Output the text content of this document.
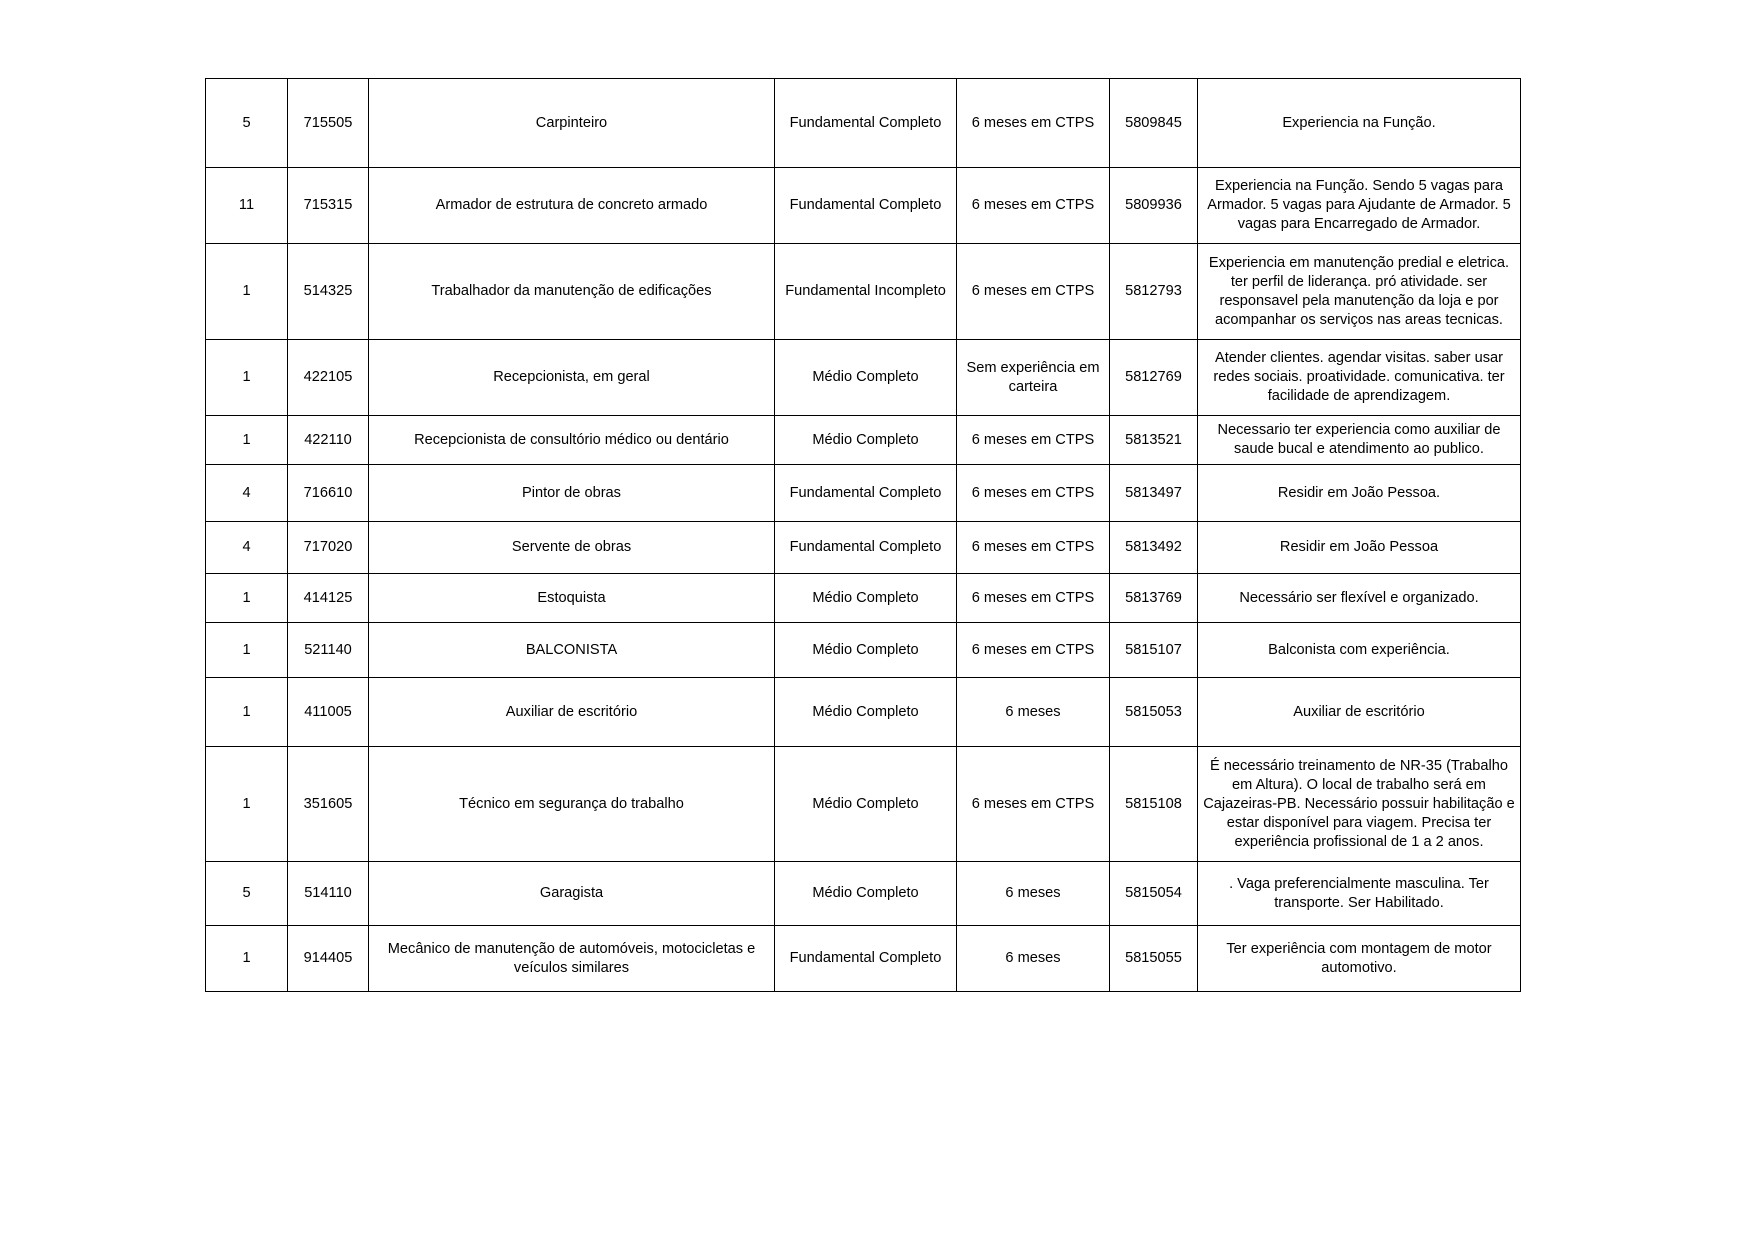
5	715505	Carpinteiro	Fundamental Completo	6 meses em CTPS	5809845	Experiencia na Função.
11	715315	Armador de estrutura de concreto armado	Fundamental Completo	6 meses em CTPS	5809936	Experiencia na Função. Sendo 5 vagas para Armador. 5 vagas para Ajudante de Armador. 5 vagas para Encarregado de Armador.
1	514325	Trabalhador da manutenção de edificações	Fundamental Incompleto	6 meses em CTPS	5812793	Experiencia em manutenção predial e eletrica. ter perfil de liderança. pró atividade. ser responsavel pela manutenção da loja e por acompanhar os serviços nas areas tecnicas.
1	422105	Recepcionista, em geral	Médio Completo	Sem experiência em carteira	5812769	Atender clientes. agendar visitas. saber usar redes sociais. proatividade. comunicativa. ter facilidade de aprendizagem.
1	422110	Recepcionista de consultório médico ou dentário	Médio Completo	6 meses em CTPS	5813521	Necessario ter experiencia como auxiliar de saude bucal e atendimento ao publico.
4	716610	Pintor de obras	Fundamental Completo	6 meses em CTPS	5813497	Residir em João Pessoa.
4	717020	Servente de obras	Fundamental Completo	6 meses em CTPS	5813492	Residir em João Pessoa
1	414125	Estoquista	Médio Completo	6 meses em CTPS	5813769	Necessário ser flexível e organizado.
1	521140	BALCONISTA	Médio Completo	6 meses em CTPS	5815107	Balconista com experiência.
1	411005	Auxiliar de escritório	Médio Completo	6 meses	5815053	Auxiliar de escritório
1	351605	Técnico em segurança do trabalho	Médio Completo	6 meses em CTPS	5815108	É necessário treinamento de NR-35 (Trabalho em Altura). O local de trabalho será em Cajazeiras-PB. Necessário possuir habilitação e estar disponível para viagem. Precisa ter experiência profissional de 1 a 2 anos.
5	514110	Garagista	Médio Completo	6 meses	5815054	. Vaga preferencialmente masculina. Ter transporte. Ser Habilitado.
1	914405	Mecânico de manutenção de automóveis, motocicletas e veículos similares	Fundamental Completo	6 meses	5815055	Ter experiência com montagem de motor automotivo.
